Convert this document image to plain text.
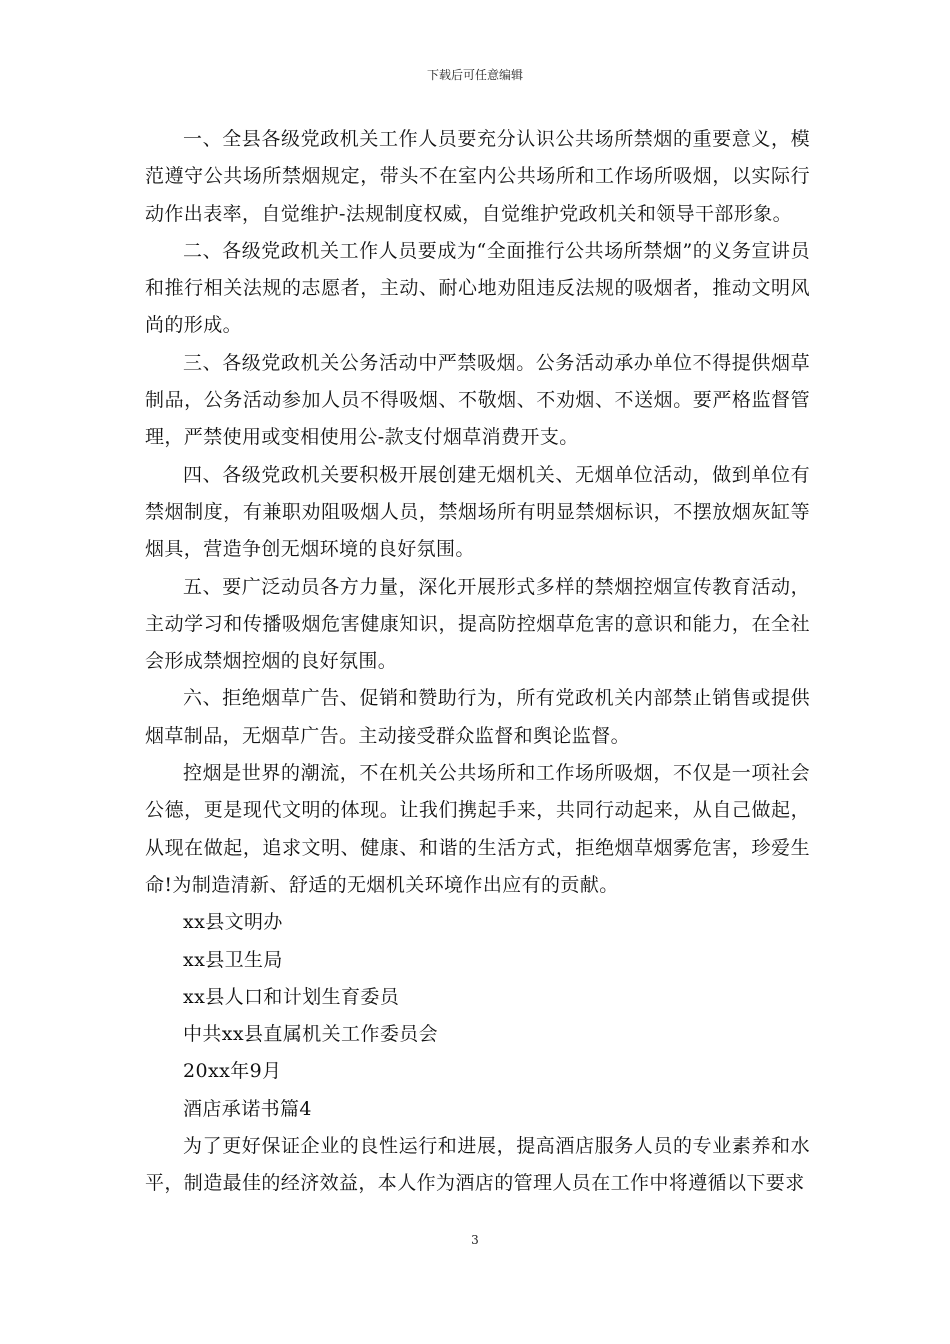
下载后可任意编辑

一、全县各级党政机关工作人员要充分认识公共场所禁烟的重要意义，模范遵守公共场所禁烟规定，带头不在室内公共场所和工作场所吸烟，以实际行动作出表率，自觉维护-法规制度权威，自觉维护党政机关和领导干部形象。

二、各级党政机关工作人员要成为“全面推行公共场所禁烟”的义务宣讲员和推行相关法规的志愿者，主动、耐心地劝阻违反法规的吸烟者，推动文明风尚的形成。

三、各级党政机关公务活动中严禁吸烟。公务活动承办单位不得提供烟草制品，公务活动参加人员不得吸烟、不敬烟、不劝烟、不送烟。要严格监督管理，严禁使用或变相使用公-款支付烟草消费开支。

四、各级党政机关要积极开展创建无烟机关、无烟单位活动，做到单位有禁烟制度，有兼职劝阻吸烟人员，禁烟场所有明显禁烟标识，不摆放烟灰缸等烟具，营造争创无烟环境的良好氛围。

五、要广泛动员各方力量，深化开展形式多样的禁烟控烟宣传教育活动，主动学习和传播吸烟危害健康知识，提高防控烟草危害的意识和能力，在全社会形成禁烟控烟的良好氛围。

六、拒绝烟草广告、促销和赞助行为，所有党政机关内部禁止销售或提供烟草制品，无烟草广告。主动接受群众监督和舆论监督。

控烟是世界的潮流，不在机关公共场所和工作场所吸烟，不仅是一项社会公德，更是现代文明的体现。让我们携起手来，共同行动起来，从自己做起，从现在做起，追求文明、健康、和谐的生活方式，拒绝烟草烟雾危害，珍爱生命!为制造清新、舒适的无烟机关环境作出应有的贡献。

xx县文明办

xx县卫生局

xx县人口和计划生育委员

中共xx县直属机关工作委员会

20xx年9月

酒店承诺书篇4

为了更好保证企业的良性运行和进展，提高酒店服务人员的专业素养和水平，制造最佳的经济效益，本人作为酒店的管理人员在工作中将遵循以下要求

3
